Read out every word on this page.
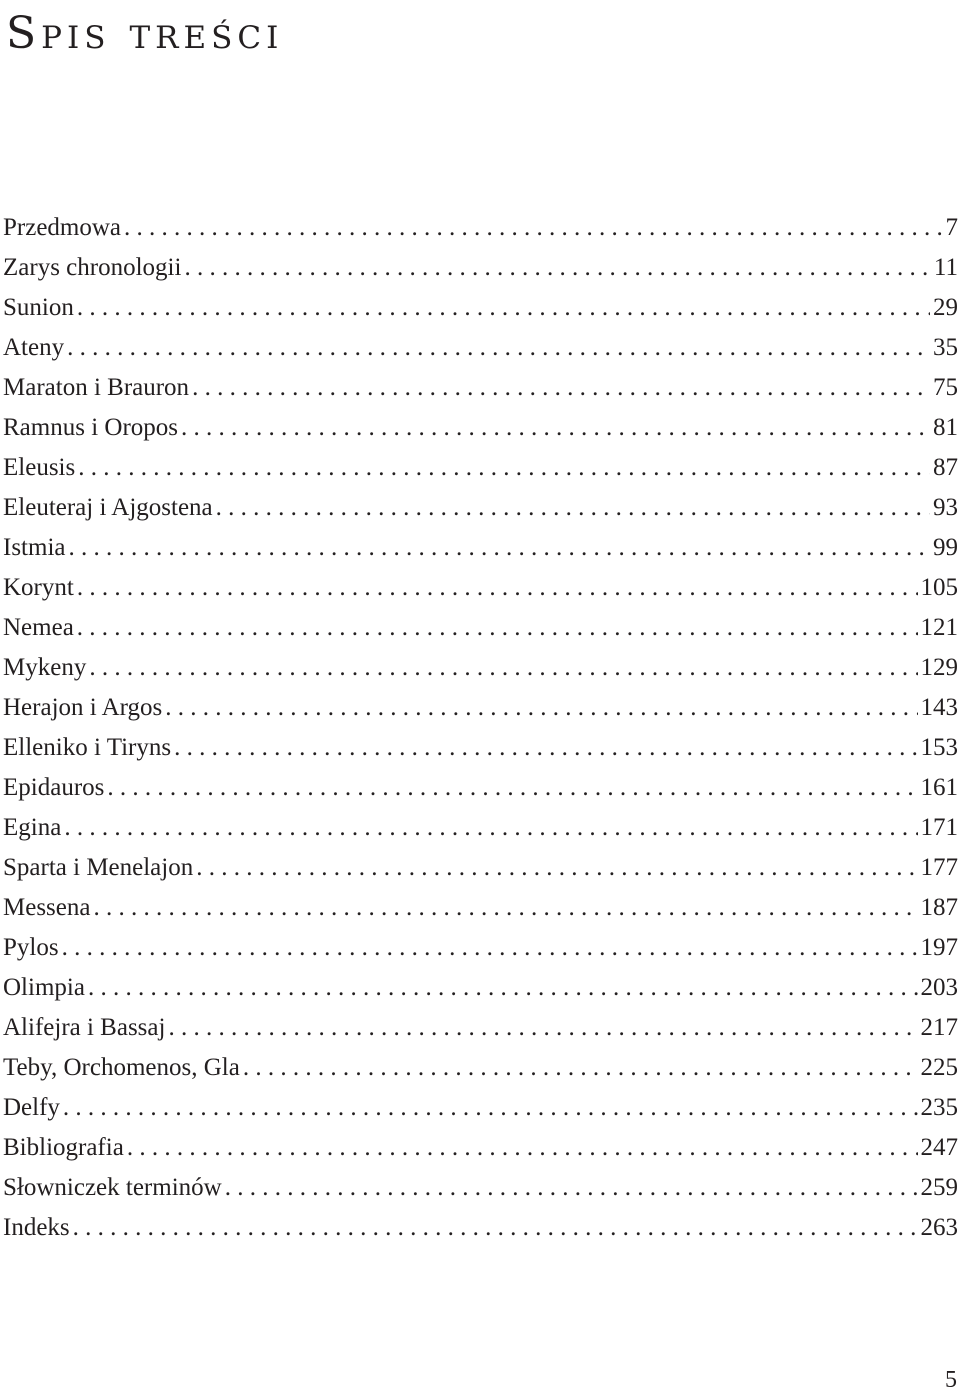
Spis treści
Przedmowa . . .	7
Zarys chronologii . . .	11
Sunion . . .	29
Ateny . . .	35
Maraton i Brauron . . .	75
Ramnus i Oropos . . .	81
Eleusis . . .	87
Eleuteraj i Ajgostena . . .	93
Istmia . . .	99
Korynt . . .	105
Nemea . . .	121
Mykeny . . .	129
Herajon i Argos . . .	143
Elleniko i Tiryns . . .	153
Epidauros . . .	161
Egina . . .	171
Sparta i Menelajon . . .	177
Messena . . .	187
Pylos . . .	197
Olimpia . . .	203
Alifejra i Bassaj . . .	217
Teby, Orchomenos, Gla . . .	225
Delfy . . .	235
Bibliografia . . .	247
Słowniczek terminów . . .	259
Indeks . . .	263
5
